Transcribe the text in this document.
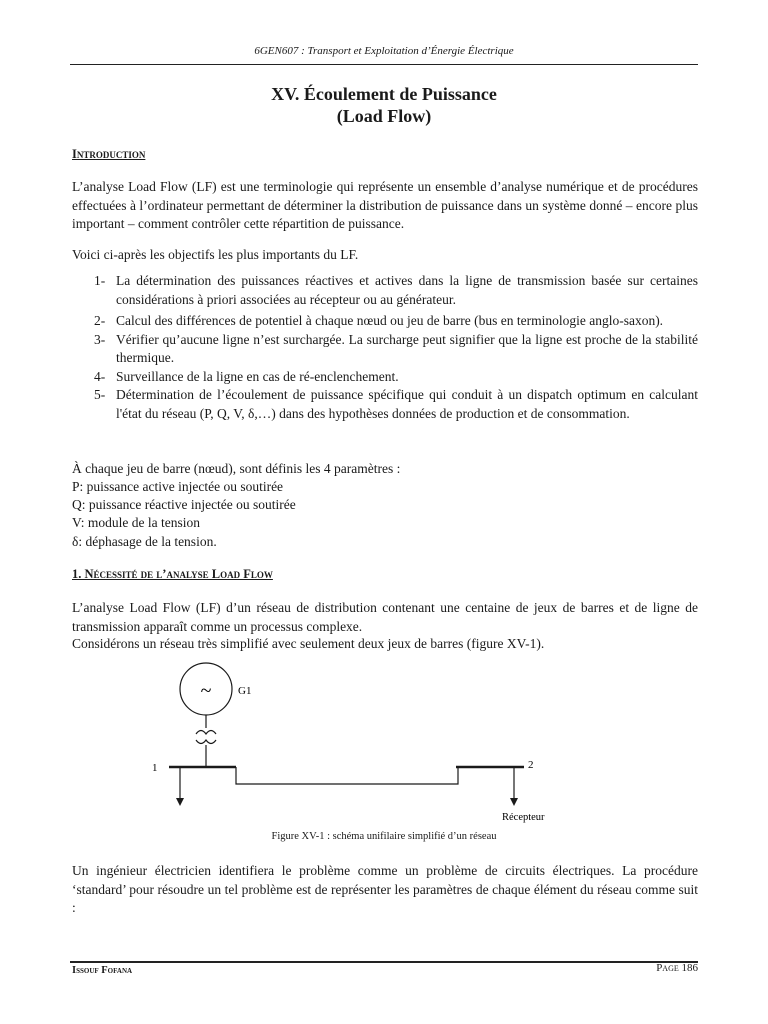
6GEN607 : Transport et Exploitation d’Énergie Électrique
XV. Écoulement de Puissance
(Load Flow)
Introduction
L’analyse Load Flow (LF) est une terminologie qui représente un ensemble d’analyse numérique et de procédures effectuées à l’ordinateur permettant de déterminer la distribution de puissance dans un système donné – encore plus important – comment contrôler cette répartition de puissance.
Voici ci-après les objectifs les plus importants du LF.
1- La détermination des puissances réactives et actives dans la ligne de transmission basée sur certaines considérations à priori associées au récepteur ou au générateur.
2- Calcul des différences de potentiel à chaque nœud ou jeu de barre (bus en terminologie anglo-saxon).
3- Vérifier qu’aucune ligne n’est surchargée. La surcharge peut signifier que la ligne est proche de la stabilité thermique.
4- Surveillance de la ligne en cas de ré-enclenchement.
5- Détermination de l’écoulement de puissance spécifique qui conduit à un dispatch optimum en calculant l'état du réseau (P, Q, V, δ,…) dans des hypothèses données de production et de consommation.
À chaque jeu de barre (nœud), sont définis les 4 paramètres :
P: puissance active injectée ou soutirée
Q: puissance réactive injectée ou soutirée
V: module de la tension
δ: déphasage de la tension.
1. Nécessité de l’analyse Load Flow
L’analyse Load Flow (LF) d’un réseau de distribution contenant une centaine de jeux de barres et de ligne de transmission apparaît comme un processus complexe.
Considérons un réseau très simplifié avec seulement deux jeux de barres (figure XV-1).
~ G1
1	2
Récepteur
Figure XV-1 : schéma unifilaire simplifié d’un réseau
Un ingénieur électricien identifiera le problème comme un problème de circuits électriques. La procédure ‘standard’ pour résoudre un tel problème est de représenter les paramètres de chaque élément du réseau comme suit :
Issouf Fofana	Page 186
